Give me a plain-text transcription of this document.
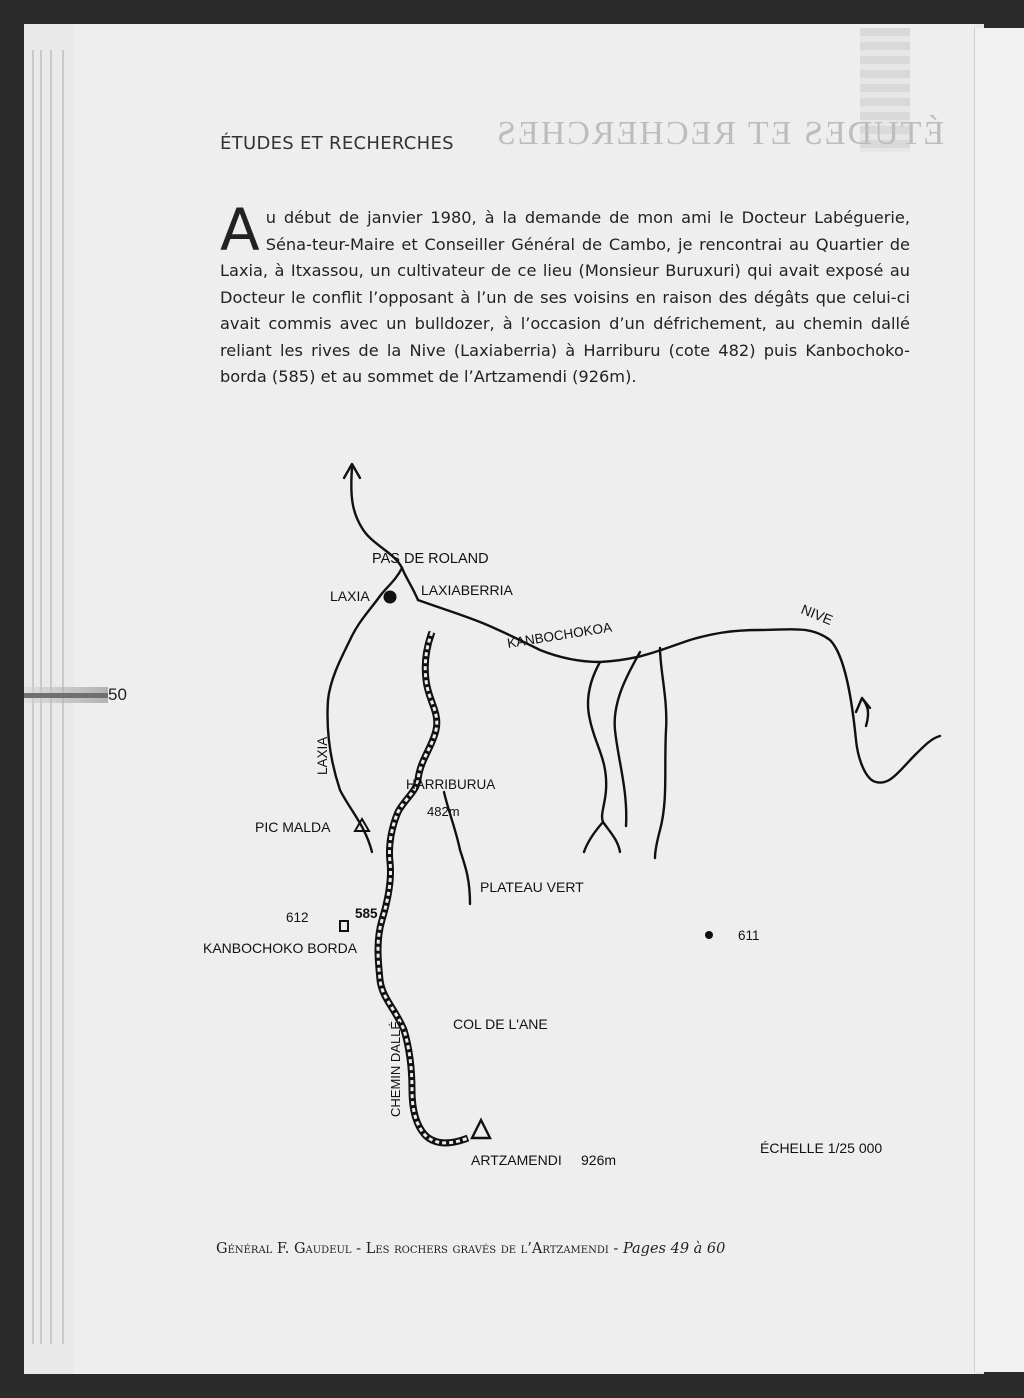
ÉTUDES ET RECHERCHES
ÉTUDES ET RECHERCHES

Au début de janvier 1980, à la demande de mon ami le Docteur Labéguerie, Séna-teur-Maire et Conseiller Général de Cambo, je rencontrai au Quartier de Laxia, à Itxassou, un cultivateur de ce lieu (Monsieur Buruxuri) qui avait exposé au Docteur le conflit l’opposant à l’un de ses voisins en raison des dégâts que celui-ci avait commis avec un bulldozer, à l’occasion d’un défrichement, au chemin dallé reliant les rives de la Nive (Laxiaberria) à Harriburu (cote 482) puis Kanbochoko-borda (585) et au sommet de l’Artzamendi (926m).

50
PAS DE ROLAND
LAXIA	LAXIABERRIA
KANBOCHOKOA
NIVE
LAXIA
HARRIBURUA
482m
PIC MALDA
PLATEAU VERT
612	585
KANBOCHOKO BORDA
611
COL DE L'ANE
CHEMIN DALLÉ
ARTZAMENDI 926m
ÉCHELLE 1/25 000

Général F. Gaudeul - Les rochers gravés de l’Artzamendi - Pages 49 à 60
